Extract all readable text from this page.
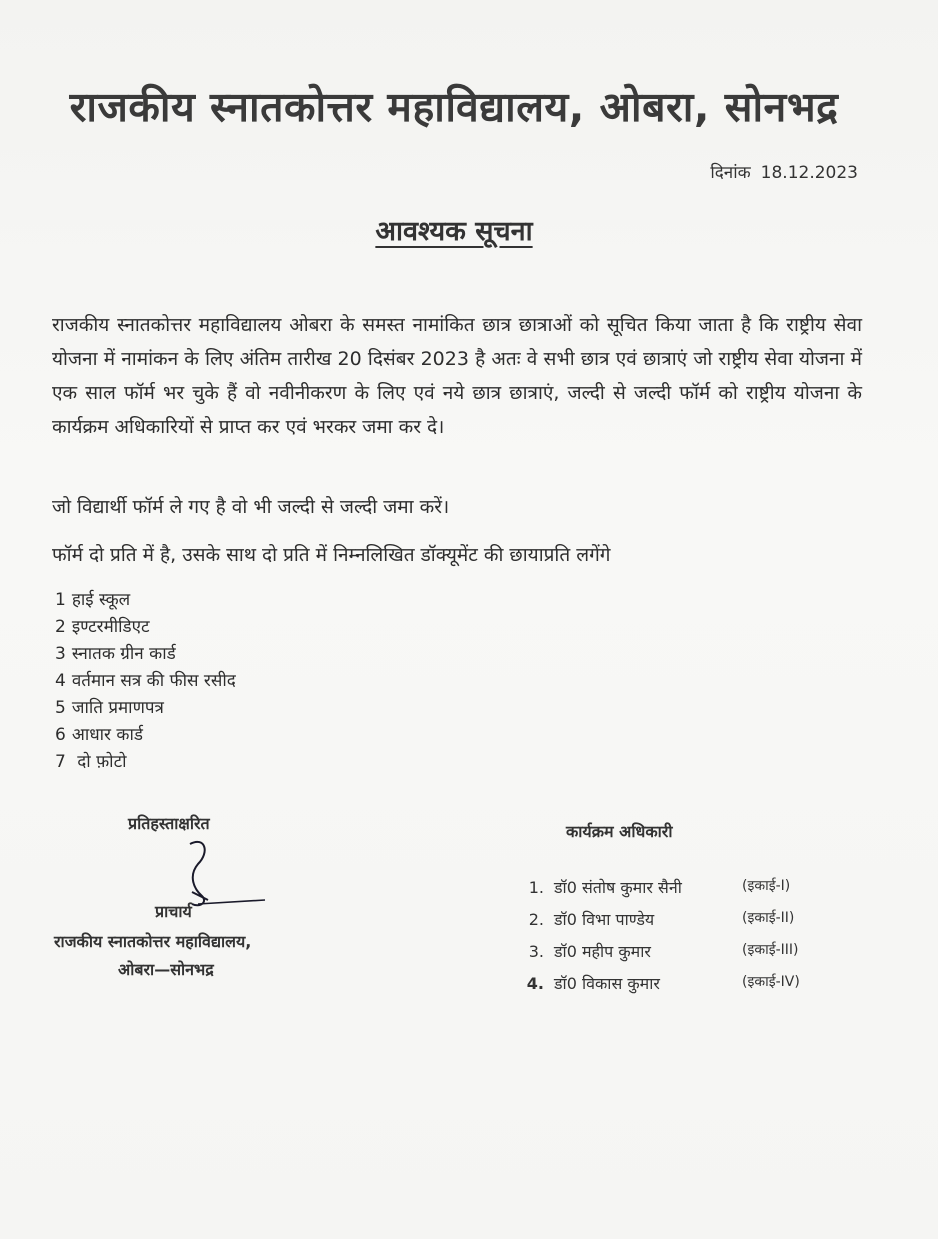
राजकीय स्नातकोत्तर महाविद्यालय, ओबरा, सोनभद्र
दिनांक 18.12.2023
आवश्यक सूचना
राजकीय स्नातकोत्तर महाविद्यालय ओबरा के समस्त नामांकित छात्र छात्राओं को सूचित किया जाता है कि राष्ट्रीय सेवा योजना में नामांकन के लिए अंतिम तारीख 20 दिसंबर 2023 है अतः वे सभी छात्र एवं छात्राएं जो राष्ट्रीय सेवा योजना में एक साल फॉर्म भर चुके हैं वो नवीनीकरण के लिए एवं नये छात्र छात्राएं, जल्दी से जल्दी फॉर्म को राष्ट्रीय योजना के कार्यक्रम अधिकारियों से प्राप्त कर एवं भरकर जमा कर दे।
जो विद्यार्थी फॉर्म ले गए है वो भी जल्दी से जल्दी जमा करें।
फॉर्म दो प्रति में है, उसके साथ दो प्रति में निम्नलिखित डॉक्यूमेंट की छायाप्रति लगेंगे
1 हाई स्कूल
2 इण्टरमीडिएट
3 स्नातक ग्रीन कार्ड
4 वर्तमान सत्र की फीस रसीद
5 जाति प्रमाणपत्र
6 आधार कार्ड
7 दो फ़ोटो
प्रतिहस्ताक्षरित
प्राचार्य
राजकीय स्नातकोत्तर महाविद्यालय,
ओबरा—सोनभद्र
कार्यक्रम अधिकारी
1. डॉ0 संतोष कुमार सैनी	(इकाई-I)
2. डॉ0 विभा पाण्डेय	(इकाई-II)
3. डॉ0 महीप कुमार	(इकाई-III)
4. डॉ0 विकास कुमार	(इकाई-IV)
